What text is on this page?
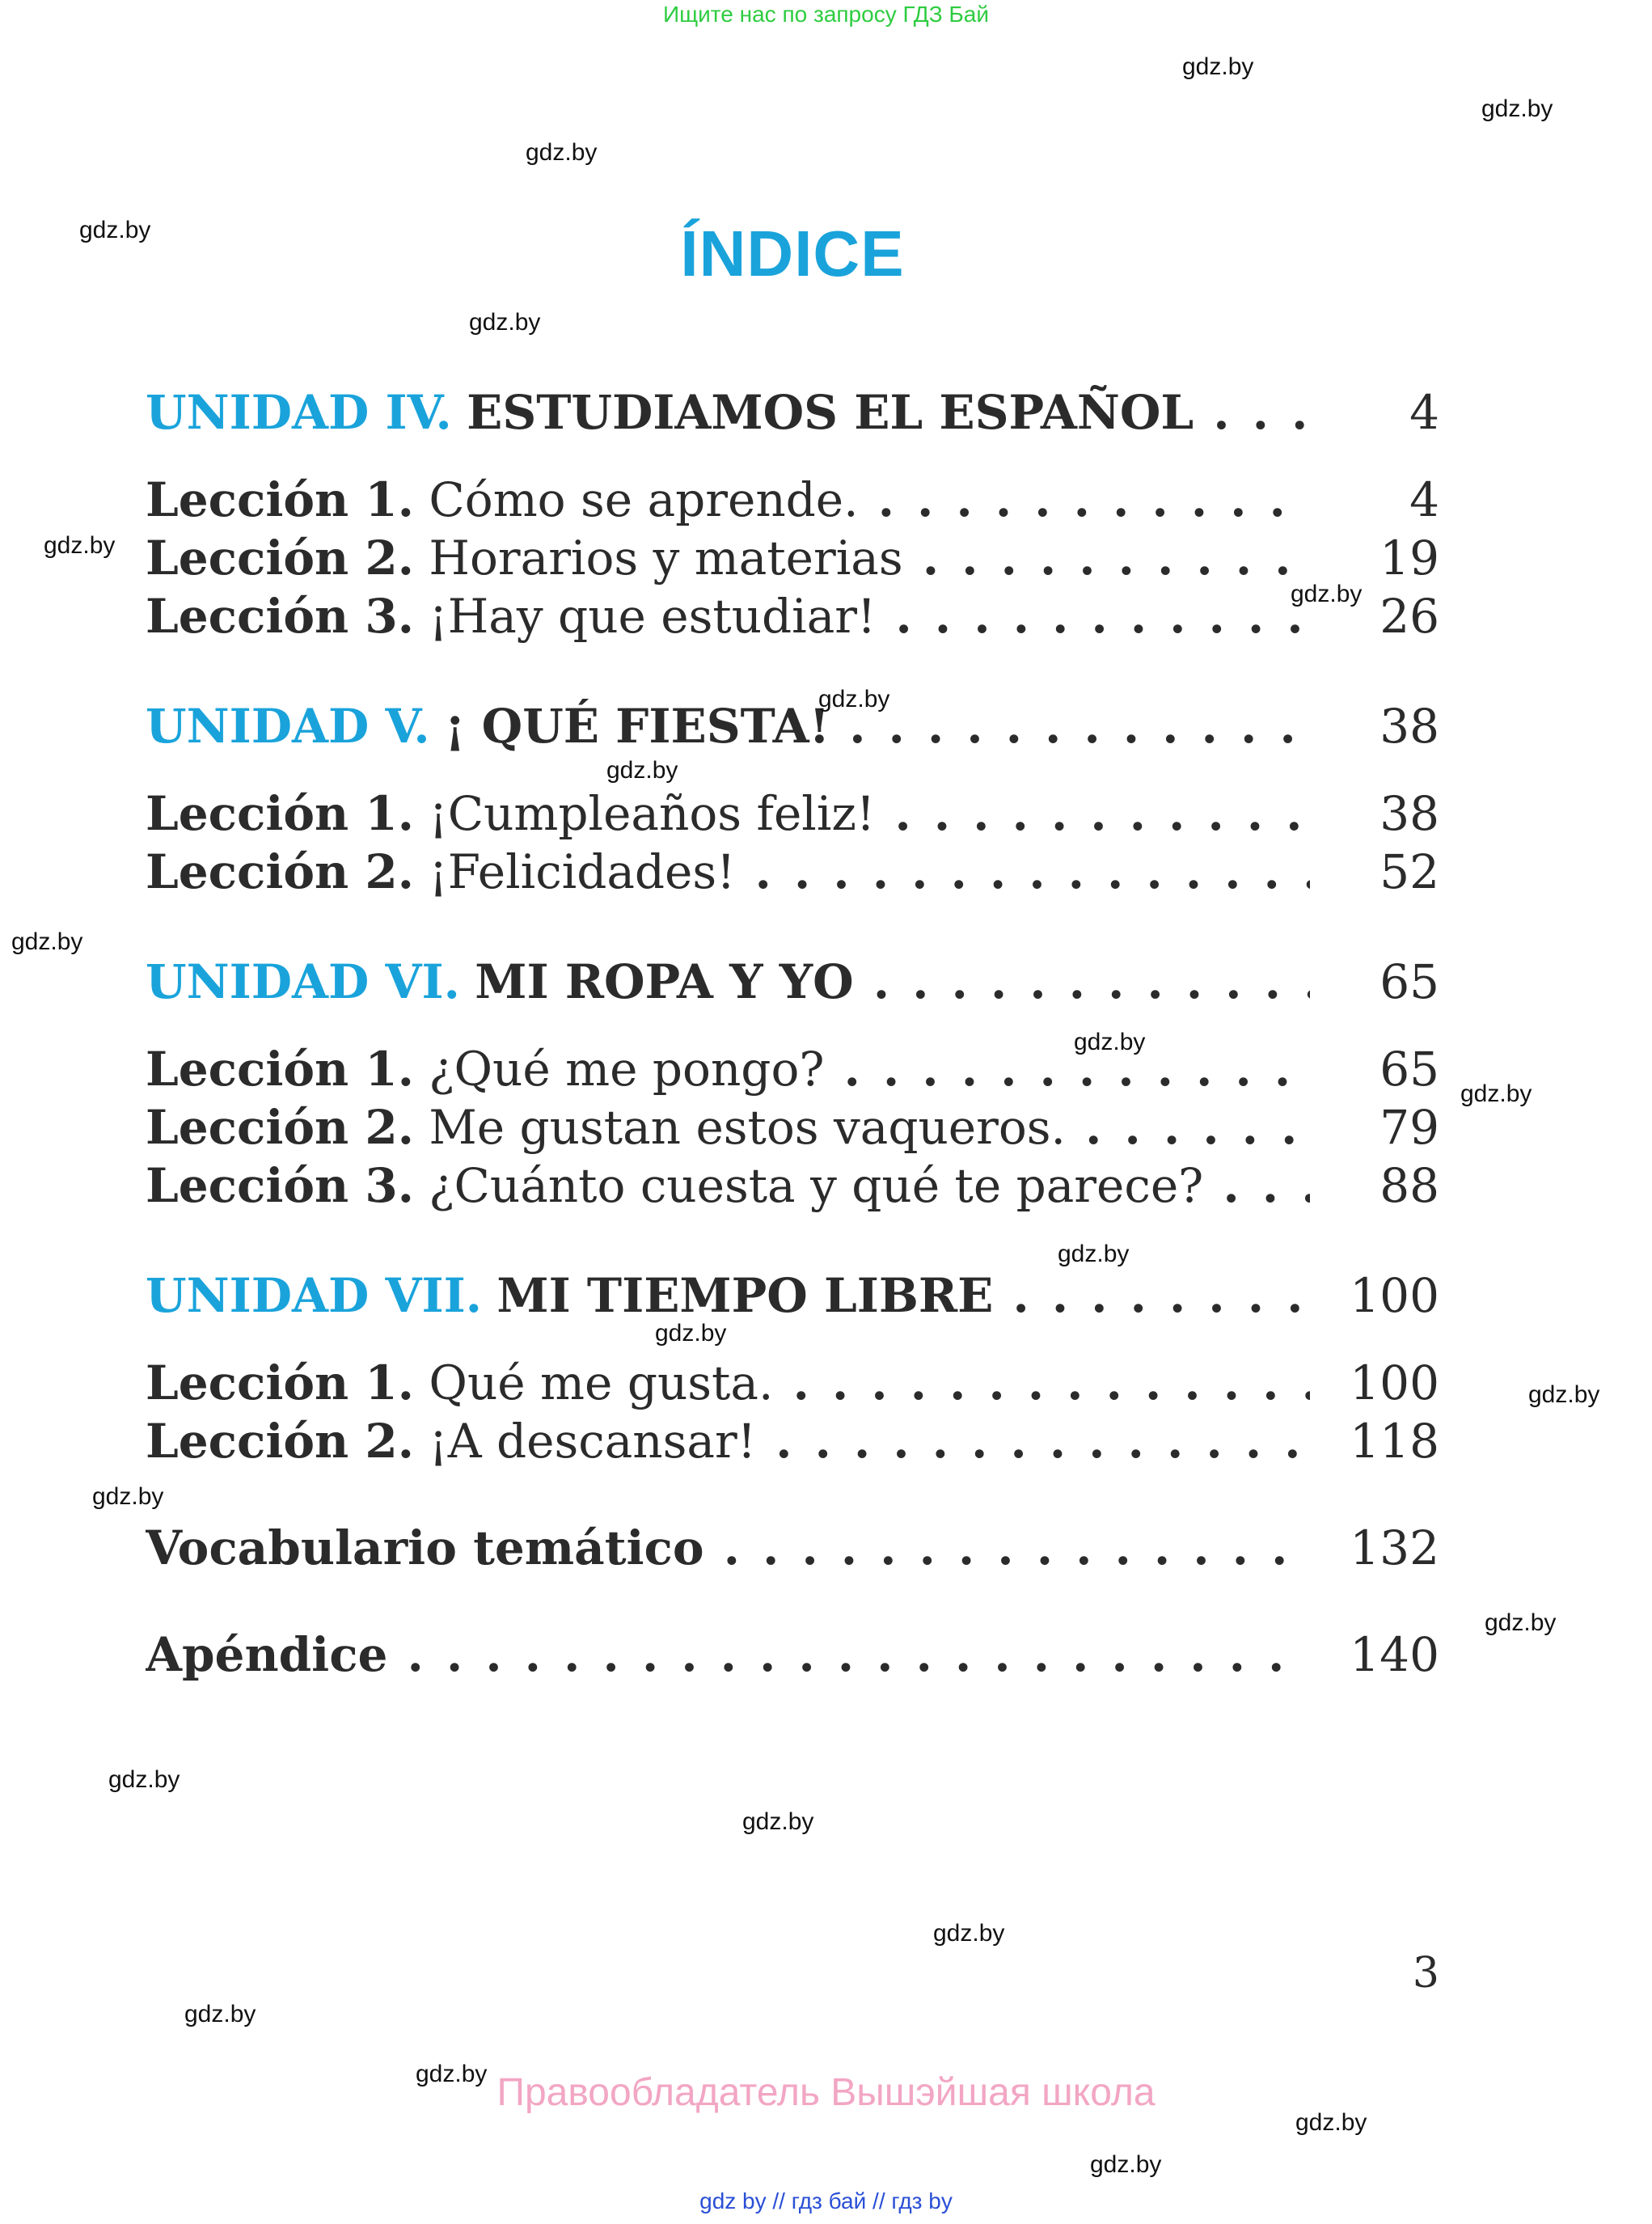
Ищите нас по запросу ГДЗ Бай
ÍNDICE
UNIDAD IV. ESTUDIAMOS EL ESPAÑOL . . .	4
Lección 1. Cómo se aprende. . . .	4
Lección 2. Horarios y materias . . .	19
Lección 3. ¡Hay que estudiar! . . .	26
UNIDAD V. ¡ QUÉ FIESTA! . . .	38
Lección 1. ¡Cumpleaños feliz! . . .	38
Lección 2. ¡Felicidades! . . .	52
UNIDAD VI. MI ROPA Y YO . . .	65
Lección 1. ¿Qué me pongo? . . .	65
Lección 2. Me gustan estos vaqueros. . . .	79
Lección 3. ¿Cuánto cuesta y qué te parece? . . .	88
UNIDAD VII. MI TIEMPO LIBRE . . .	100
Lección 1. Qué me gusta. . . .	100
Lección 2. ¡A descansar! . . .	118
Vocabulario temático . . .	132
Apéndice . . .	140
3
gdz.by
gdz.by
gdz.by
gdz.by
gdz.by
gdz.by
gdz.by
gdz.by
gdz.by
gdz.by
gdz.by
gdz.by
gdz.by
gdz.by
gdz.by
gdz.by
gdz.by
gdz.by
gdz.by
gdz.by
gdz.by
gdz.by
gdz.by
gdz.by
Правообладатель Вышэйшая школа
gdz by // гдз бай // гдз by
